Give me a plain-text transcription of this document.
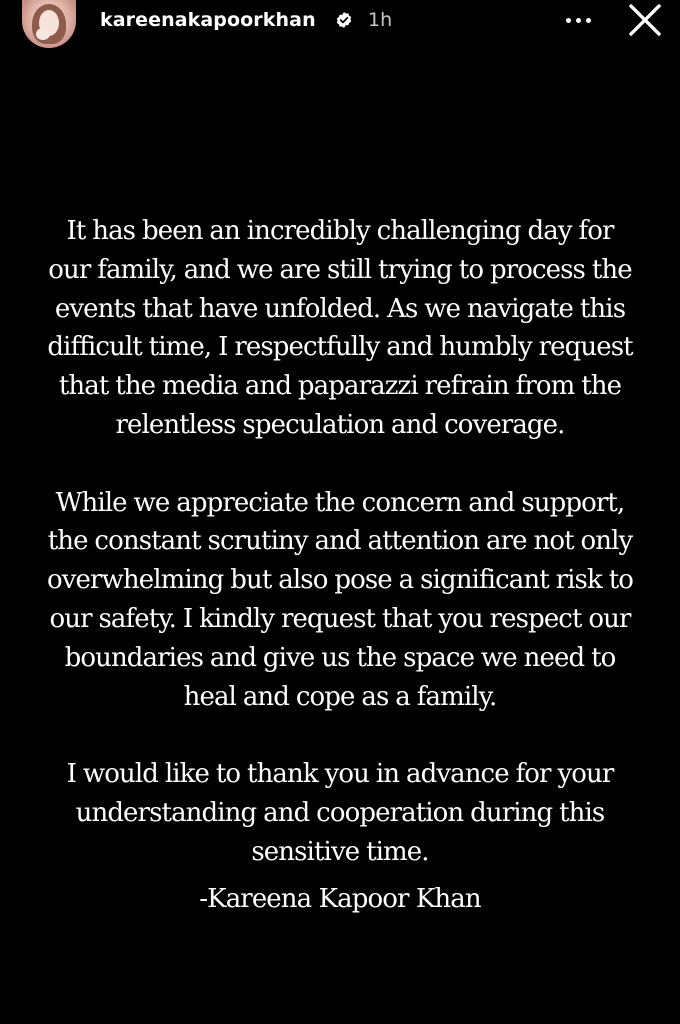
kareenakapoorkhan	1h

It has been an incredibly challenging day for
our family, and we are still trying to process the
events that have unfolded. As we navigate this
difficult time, I respectfully and humbly request
that the media and paparazzi refrain from the
relentless speculation and coverage.

While we appreciate the concern and support,
the constant scrutiny and attention are not only
overwhelming but also pose a significant risk to
our safety. I kindly request that you respect our
boundaries and give us the space we need to
heal and cope as a family.

I would like to thank you in advance for your
understanding and cooperation during this
sensitive time.

-Kareena Kapoor Khan
